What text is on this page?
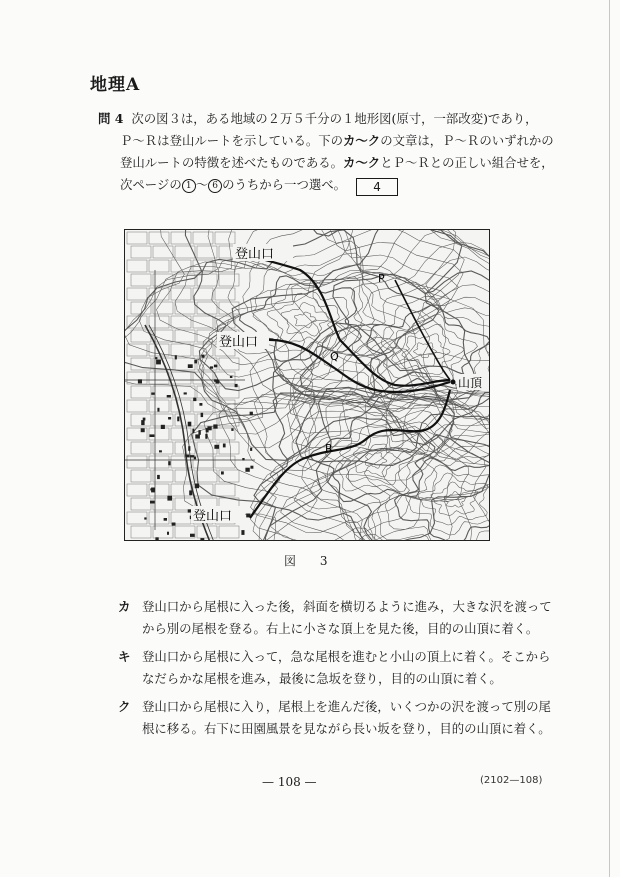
地理A
問 4 次の図３は，ある地域の２万５千分の１地形図(原寸，一部改変)であり，
Ｐ～Ｒは登山ルートを示している。下のカ～クの文章は，Ｐ～Ｒのいずれかの
登山ルートの特徴を述べたものである。カ～クとＰ～Ｒとの正しい組合せを，
次ページの 1 ～ 6 のうちから一つ選べ。 4
登山口
登山口
登山口
山頂
P
Q
R
図 3
カ 登山口から尾根に入った後，斜面を横切るように進み，大きな沢を渡って
から別の尾根を登る。右上に小さな頂上を見た後，目的の山頂に着く。
キ 登山口から尾根に入って，急な尾根を進むと小山の頂上に着く。そこから
なだらかな尾根を進み，最後に急坂を登り，目的の山頂に着く。
ク 登山口から尾根に入り，尾根上を進んだ後，いくつかの沢を渡って別の尾
根に移る。右下に田園風景を見ながら長い坂を登り，目的の山頂に着く。
— 108 —	(2102—108)
